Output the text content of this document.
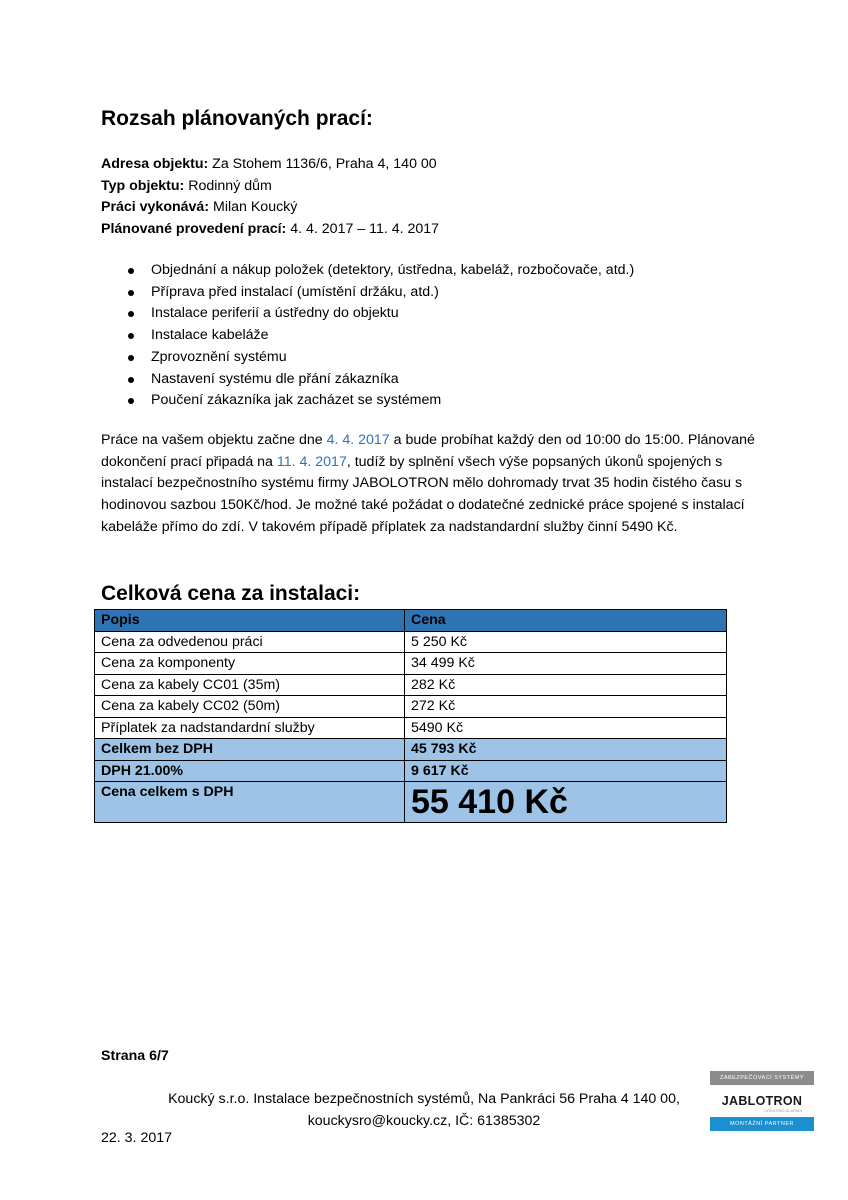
Rozsah plánovaných prací:
Adresa objektu: Za Stohem 1136/6, Praha 4, 140 00
Typ objektu: Rodinný dům
Práci vykonává: Milan Koucký
Plánované provedení prací: 4. 4. 2017 – 11. 4. 2017
Objednání a nákup položek (detektory, ústředna, kabeláž, rozbočovače, atd.)
Příprava před instalací (umístění držáku, atd.)
Instalace periferií a ústředny do objektu
Instalace kabeláže
Zprovoznění systému
Nastavení systému dle přání zákazníka
Poučení zákazníka jak zacházet se systémem
Práce na vašem objektu začne dne 4. 4. 2017 a bude probíhat každý den od 10:00 do 15:00. Plánované dokončení prací připadá na 11. 4. 2017, tudíž by splnění všech výše popsaných úkonů spojených s instalací bezpečnostního systému firmy JABOLOTRON mělo dohromady trvat 35 hodin čistého času s hodinovou sazbou 150Kč/hod. Je možné také požádat o dodatečné zednické práce spojené s instalací kabeláže přímo do zdí. V takovém případě příplatek za nadstandardní služby činní 5490 Kč.
Celková cena za instalaci:
Popis	Cena
Cena za odvedenou práci	5 250 Kč
Cena za komponenty	34 499 Kč
Cena za kabely CC01 (35m)	282 Kč
Cena za kabely CC02 (50m)	272 Kč
Příplatek za nadstandardní služby	5490 Kč
Celkem bez DPH	45 793 Kč
DPH 21.00%	9 617 Kč
Cena celkem s DPH	55 410 Kč
Strana 6/7
Koucký s.r.o. Instalace bezpečnostních systémů, Na Pankráci 56 Praha 4 140 00,
kouckysro@koucky.cz, IČ: 61385302
22. 3. 2017
ZABEZPEČOVACÍ SYSTÉMY
JABLOTRON
CREATING ALARMS
MONTÁŽNÍ PARTNER
